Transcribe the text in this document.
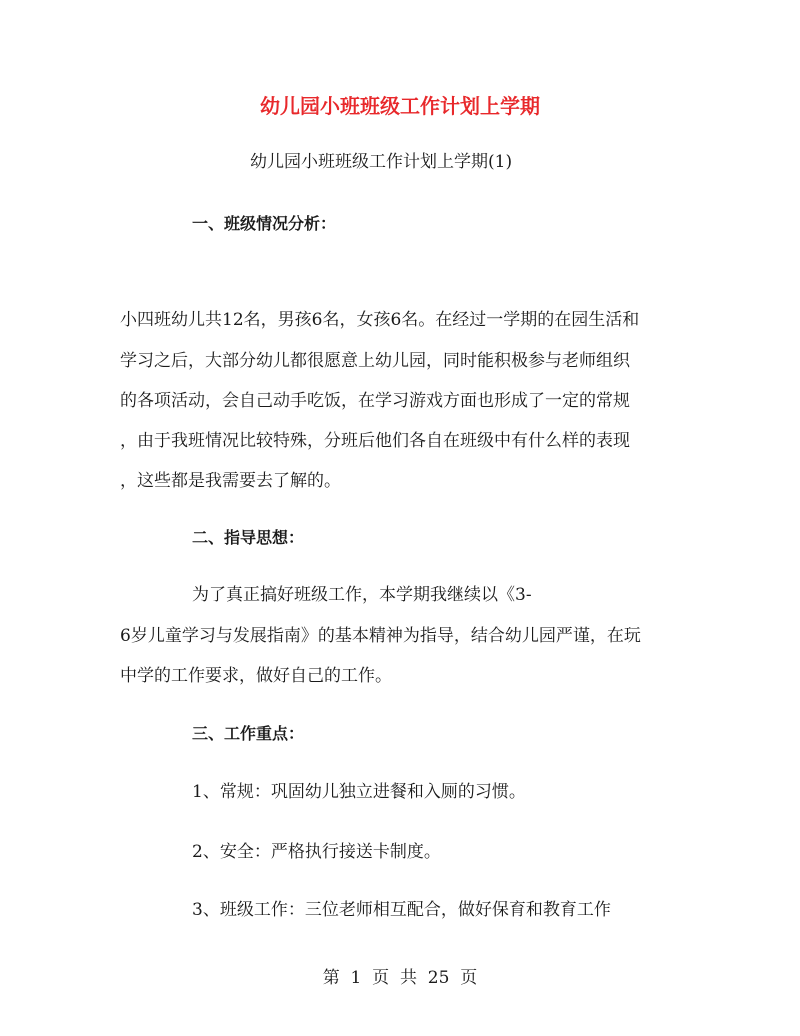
幼儿园小班班级工作计划上学期
幼儿园小班班级工作计划上学期(1)
一、班级情况分析：
小四班幼儿共12名，男孩6名，女孩6名。在经过一学期的在园生活和
学习之后，大部分幼儿都很愿意上幼儿园，同时能积极参与老师组织
的各项活动，会自己动手吃饭，在学习游戏方面也形成了一定的常规
，由于我班情况比较特殊，分班后他们各自在班级中有什么样的表现
，这些都是我需要去了解的。
二、指导思想：
为了真正搞好班级工作，本学期我继续以《3-
6岁儿童学习与发展指南》的基本精神为指导，结合幼儿园严谨，在玩
中学的工作要求，做好自己的工作。
三、工作重点：
1、常规：巩固幼儿独立进餐和入厕的习惯。
2、安全：严格执行接送卡制度。
3、班级工作：三位老师相互配合，做好保育和教育工作
第  1  页  共  25  页
